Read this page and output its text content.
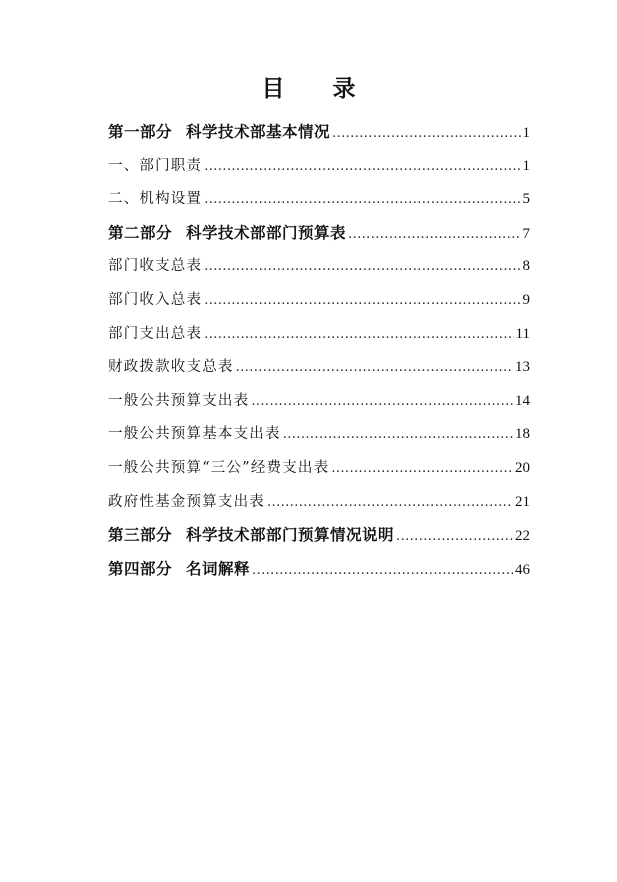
目 录
第一部分 科学技术部基本情况 .....	1
一、部门职责 .....	1
二、机构设置 .....	5
第二部分 科学技术部部门预算表 .....	7
部门收支总表 .....	8
部门收入总表 .....	9
部门支出总表 .....	11
财政拨款收支总表 .....	13
一般公共预算支出表 .....	14
一般公共预算基本支出表 .....	18
一般公共预算“三公”经费支出表 .....	20
政府性基金预算支出表 .....	21
第三部分 科学技术部部门预算情况说明 .....	22
第四部分 名词解释 .....	46
